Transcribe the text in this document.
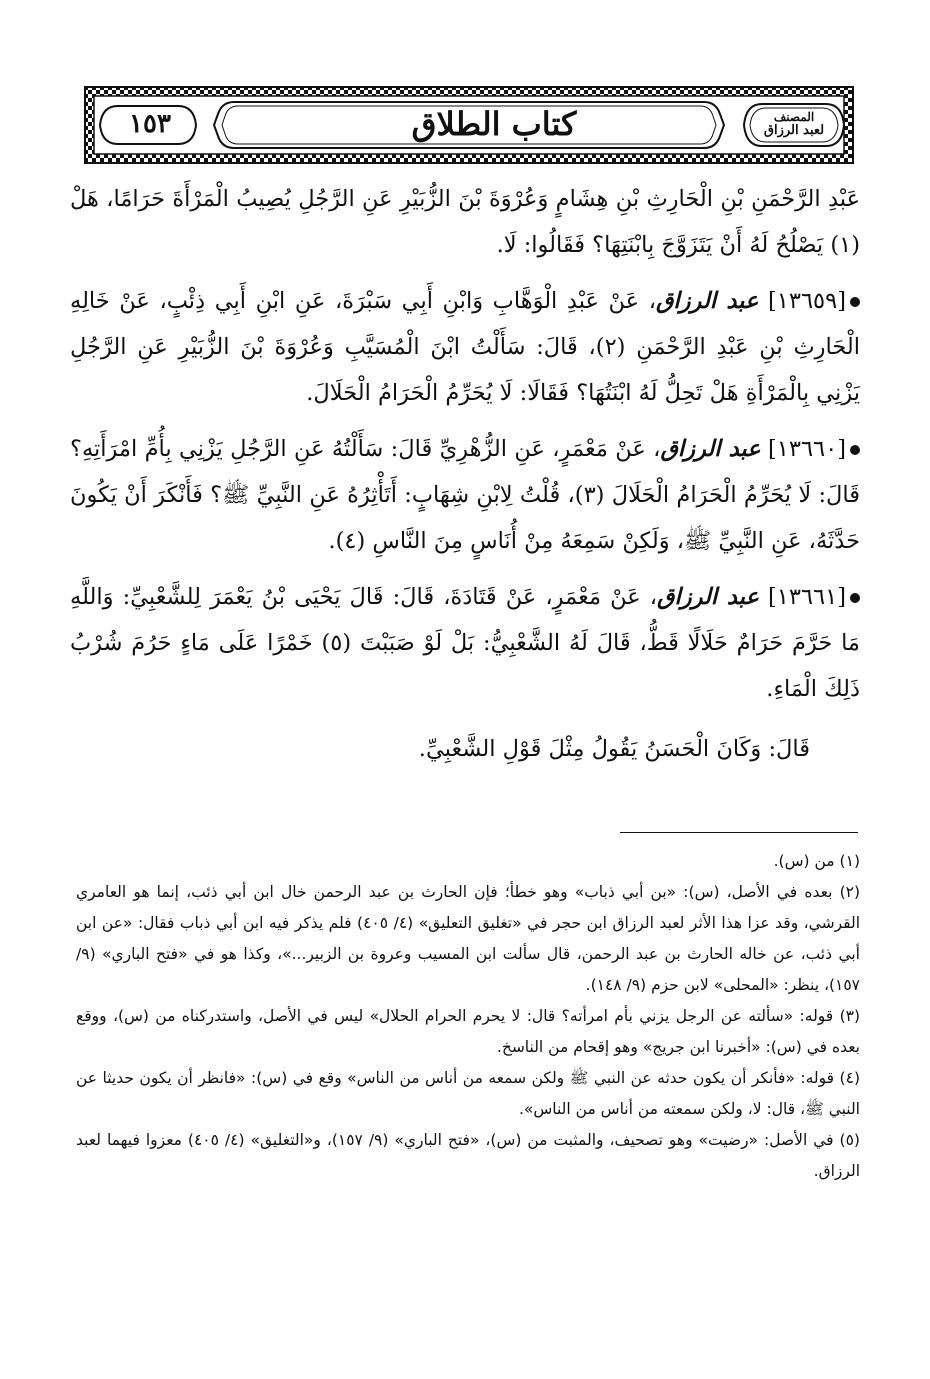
كتاب الطلاق
١٥٣	المصنف
لعبد الرزاق

عَبْدِ الرَّحْمَنِ بْنِ الْحَارِثِ بْنِ هِشَامٍ وَعُرْوَةَ بْنَ الزُّبَيْرِ عَنِ الرَّجُلِ يُصِيبُ الْمَرْأَةَ حَرَامًا، هَلْ (١) يَصْلُحُ لَهُ أَنْ يَتَزَوَّجَ بِابْنَتِهَا؟ فَقَالُوا: لَا.

[١٣٦٥٩] عبد الرزاق، عَنْ عَبْدِ الْوَهَّابِ وَابْنِ أَبِي سَبْرَةَ، عَنِ ابْنِ أَبِي ذِئْبٍ، عَنْ خَالِهِ الْحَارِثِ بْنِ عَبْدِ الرَّحْمَنِ (٢)، قَالَ: سَأَلْتُ ابْنَ الْمُسَيَّبِ وَعُرْوَةَ بْنَ الزُّبَيْرِ عَنِ الرَّجُلِ يَزْنِي بِالْمَرْأَةِ هَلْ تَحِلُّ لَهُ ابْنَتُهَا؟ فَقَالَا: لَا يُحَرِّمُ الْحَرَامُ الْحَلَالَ.

[١٣٦٦٠] عبد الرزاق، عَنْ مَعْمَرٍ، عَنِ الزُّهْرِيِّ قَالَ: سَأَلْتُهُ عَنِ الرَّجُلِ يَزْنِي بِأُمِّ امْرَأَتِهِ؟ قَالَ: لَا يُحَرِّمُ الْحَرَامُ الْحَلَالَ (٣)، قُلْتُ لِابْنِ شِهَابٍ: أَتَأْثِرُهُ عَنِ النَّبِيِّ ﷺ؟ فَأَنْكَرَ أَنْ يَكُونَ حَدَّثَهُ، عَنِ النَّبِيِّ ﷺ، وَلَكِنْ سَمِعَهُ مِنْ أُنَاسٍ مِنَ النَّاسِ (٤).

[١٣٦٦١] عبد الرزاق، عَنْ مَعْمَرٍ، عَنْ قَتَادَةَ، قَالَ: قَالَ يَحْيَى بْنُ يَعْمَرَ لِلشَّعْبِيِّ: وَاللَّهِ مَا حَرَّمَ حَرَامٌ حَلَالًا قَطُّ، قَالَ لَهُ الشَّعْبِيُّ: بَلْ لَوْ صَبَبْتَ (٥) خَمْرًا عَلَى مَاءٍ حَرُمَ شُرْبُ ذَلِكَ الْمَاءِ.

قَالَ: وَكَانَ الْحَسَنُ يَقُولُ مِثْلَ قَوْلِ الشَّعْبِيِّ.

(١) من (س).

(٢) بعده في الأصل، (س): «بن أبي ذباب» وهو خطأ؛ فإن الحارث بن عبد الرحمن خال ابن أبي ذئب، إنما هو العامري القرشي، وقد عزا هذا الأثر لعبد الرزاق ابن حجر في «تغليق التعليق» (٤/ ٤٠٥) فلم يذكر فيه ابن أبي ذباب فقال: «عن ابن أبي ذئب، عن خاله الحارث بن عبد الرحمن، قال سألت ابن المسيب وعروة بن الزبير...»، وكذا هو في «فتح الباري» (٩/ ١٥٧)، ينظر: «المحلى» لابن حزم (٩/ ١٤٨).

(٣) قوله: «سألته عن الرجل يزني بأم امرأته؟ قال: لا يحرم الحرام الحلال» ليس في الأصل، واستدركناه من (س)، ووقع بعده في (س): «أخبرنا ابن جريج» وهو إقحام من الناسخ.

(٤) قوله: «فأنكر أن يكون حدثه عن النبي ﷺ ولكن سمعه من أناس من الناس» وقع في (س): «فانظر أن يكون حديثا عن النبي ﷺ، قال: لا، ولكن سمعته من أناس من الناس».

(٥) في الأصل: «رضيت» وهو تصحيف، والمثبت من (س)، «فتح الباري» (٩/ ١٥٧)، و«التغليق» (٤/ ٤٠٥) معزوا فيهما لعبد الرزاق.
